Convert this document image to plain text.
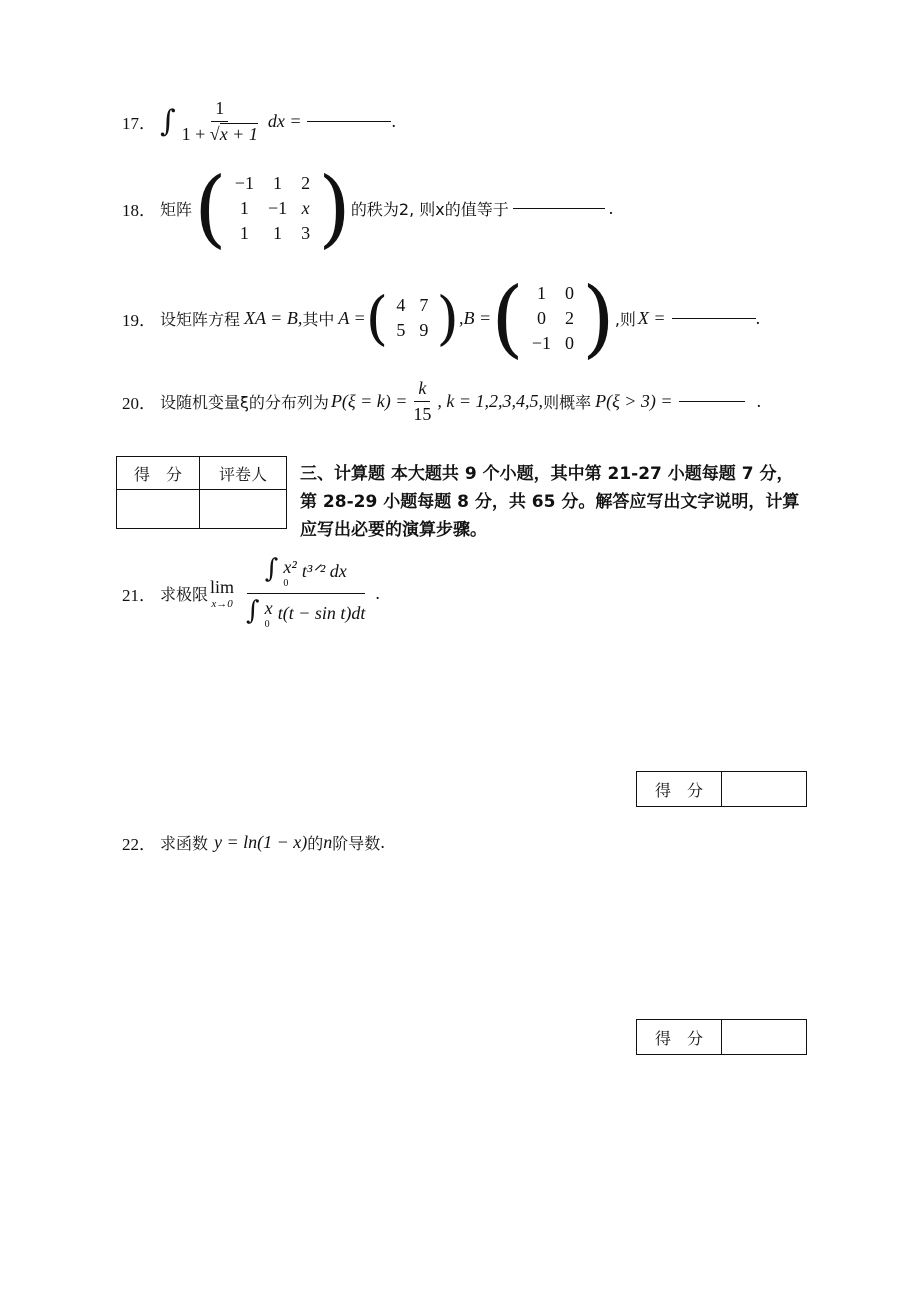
17． ∫ $\frac{1}{1 + √x + 1}$ dx =	.
18． 矩阵 ( −1 1 2
1 −1 x
1 1 3 ) 的秩为2, 则x的值等于	.
19． 设矩阵方程 XA = B, 其中 A = ( 4 7
5 9 ) ,B = ( 1 0
0 2
−1 0 ) ,则 X =	.
20． 设随机变量ξ的分布列为 $P(\xi = k) = \frac{k}{15}$ , k = 1,2,3,4,5, 则概率 P(ξ > 3) =	.
得　分	评卷人
	三、计算题 本大题共 9 个小题，其中第 21-27 小题每题 7 分，
第 28-29 小题每题 8 分，共 65 分。解答应写出文字说明，计算
应写出必要的演算步骤。
21． 求极限 lim
x→0 ∫ x²
0
t³ᐟ² dx
∫ x
0
t(t − sin t)dt .
得　分	
22． 求函数 y = ln(1 − x) 的 n 阶导数 .
得　分	
